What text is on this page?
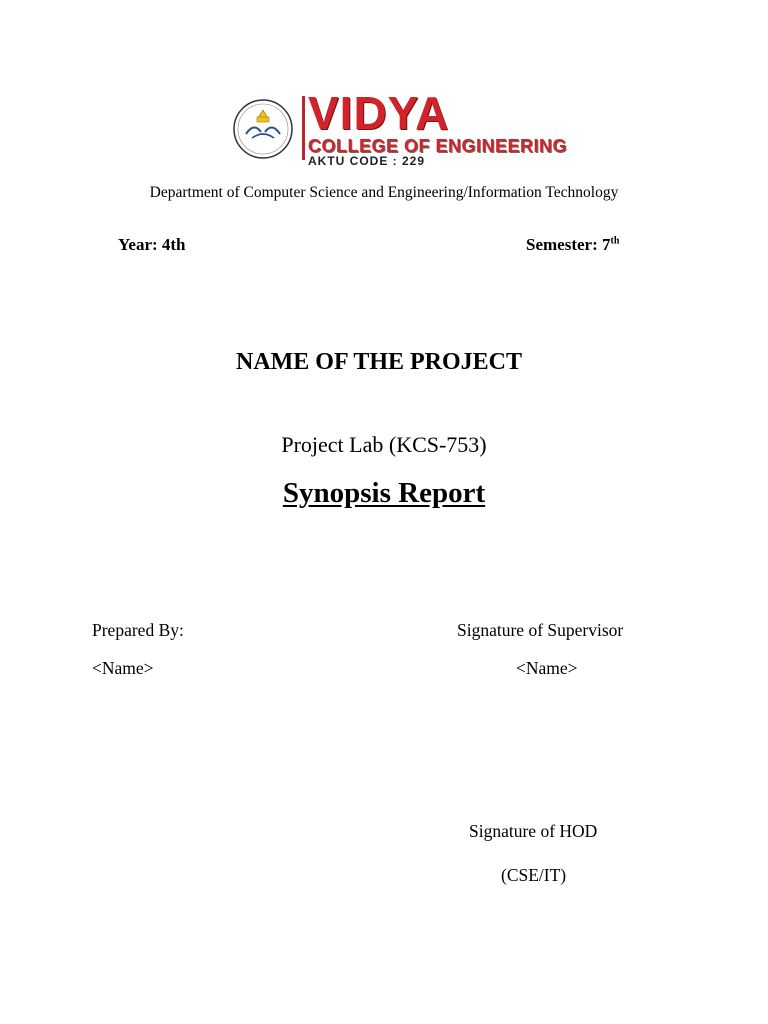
VIDYA
COLLEGE OF ENGINEERING
AKTU CODE : 229
Department of Computer Science and Engineering/Information Technology
Year: 4th	Semester: 7th
NAME OF THE PROJECT
Project Lab (KCS-753)
Synopsis Report
Prepared By:
<Name>
Signature of Supervisor
<Name>
Signature of HOD
(CSE/IT)
